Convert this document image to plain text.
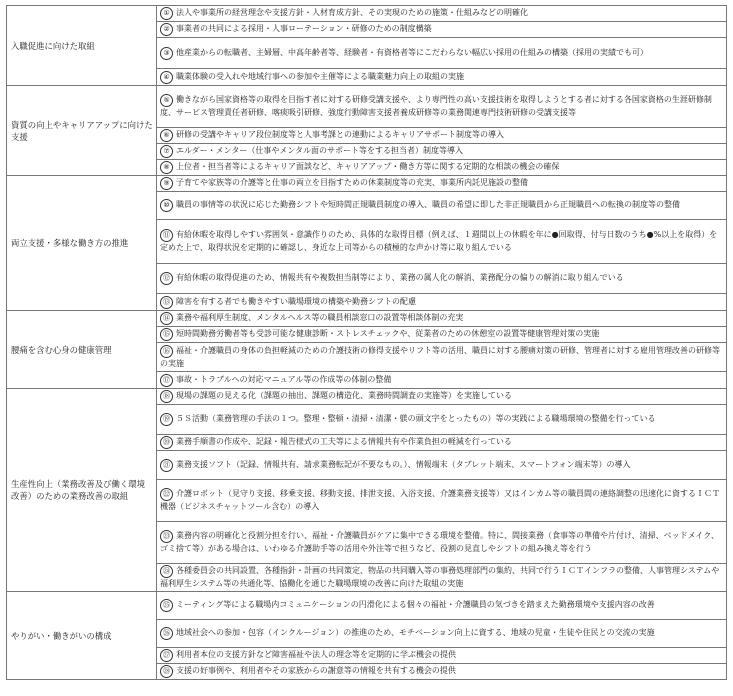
入職促進に向けた取組	① 法人や事業所の経営理念や支援方針・人材育成方針、その実現のための施策・仕組みなどの明確化
	② 事業者の共同による採用・人事ローテーション・研修のための制度構築
	③ 他産業からの転職者、主婦層、中高年齢者等、経験者・有資格者等にこだわらない幅広い採用の仕組みの構築（採用の実績でも可）
	④ 職業体験の受入れや地域行事への参加や主催等による職業魅力向上の取組の実施
資質の向上やキャリアアップに向けた支援	⑤ 働きながら国家資格等の取得を目指す者に対する研修受講支援や、より専門性の高い支援技術を取得しようとする者に対する各国家資格の生涯研修制度、サービス管理責任者研修、喀痰吸引研修、強度行動障害支援者養成研修等の業務関連専門技術研修の受講支援等
	⑥ 研修の受講やキャリア段位制度等と人事考課との連動によるキャリアサポート制度等の導入
	⑦ エルダー・メンター（仕事やメンタル面のサポート等をする担当者）制度等導入
	⑧ 上位者・担当者等によるキャリア面談など、キャリアアップ・働き方等に関する定期的な相談の機会の確保
両立支援・多様な働き方の推進	⑨ 子育てや家族等の介護等と仕事の両立を目指すための休業制度等の充実、事業所内託児施設の整備
	⑩ 職員の事情等の状況に応じた勤務シフトや短時間正規職員制度の導入、職員の希望に即した非正規職員から正規職員への転換の制度等の整備
	⑪ 有給休暇を取得しやすい雰囲気・意識作りのため、具体的な取得目標（例えば、１週間以上の休暇を年に●回取得、付与日数のうち●%以上を取得）を定めた上で、取得状況を定期的に確認し、身近な上司等からの積極的な声かけ等に取り組んでいる
	⑫ 有給休暇の取得促進のため、情報共有や複数担当制等により、業務の属人化の解消、業務配分の偏りの解消に取り組んでいる
	⑬ 障害を有する者でも働きやすい職場環境の構築や勤務シフトの配慮
腰痛を含む心身の健康管理	⑭ 業務や福利厚生制度、メンタルヘルス等の職員相談窓口の設置等相談体制の充実
	⑮ 短時間勤務労働者等も受診可能な健康診断・ストレスチェックや、従業者のための休憩室の設置等健康管理対策の実施
	⑯ 福祉・介護職員の身体の負担軽減のための介護技術の修得支援やリフト等の活用、職員に対する腰痛対策の研修、管理者に対する雇用管理改善の研修等の実施
	⑰ 事故・トラブルへの対応マニュアル等の作成等の体制の整備
生産性向上（業務改善及び働く環境改善）のための業務改善の取組	⑱ 現場の課題の見える化（課題の抽出、課題の構造化、業務時間調査の実施等）を実施している
	⑲ ５Ｓ活動（業務管理の手法の１つ。整理・整頓・清掃・清潔・躾の頭文字をとったもの）等の実践による職場環境の整備を行っている
	⑳ 業務手順書の作成や、記録・報告様式の工夫等による情報共有や作業負担の軽減を行っている
	㉑ 業務支援ソフト（記録、情報共有、請求業務転記が不要なもの。）、情報端末（タブレット端末、スマートフォン端末等）の導入
	㉒ 介護ロボット（見守り支援、移乗支援、移動支援、排泄支援、入浴支援、介護業務支援等）又はインカム等の職員間の連絡調整の迅速化に資するＩＣＴ機器（ビジネスチャットツール含む）の導入
	㉓ 業務内容の明確化と役割分担を行い、福祉・介護職員がケアに集中できる環境を整備。特に、間接業務（食事等の準備や片付け、清掃、ベッドメイク、ゴミ捨て等）がある場合は、いわゆる介護助手等の活用や外注等で担うなど、役割の見直しやシフトの組み換え等を行う
	㉔ 各種委員会の共同設置、各種指針・計画の共同策定、物品の共同購入等の事務処理部門の集約、共同で行うＩＣＴインフラの整備、人事管理システムや福利厚生システム等の共通化等、協働化を通じた職場環境の改善に向けた取組の実施
やりがい・働きがいの構成	㉕ ミーティング等による職場内コミュニケーションの円滑化による個々の福祉・介護職員の気づきを踏まえた勤務環境や支援内容の改善
	㉖ 地域社会への参加・包容（インクルージョン）の推進のため、モチベーション向上に資する、地域の児童・生徒や住民との交流の実施
	㉗ 利用者本位の支援方針など障害福祉や法人の理念等を定期的に学ぶ機会の提供
	㉘ 支援の好事例や、利用者やその家族からの謝意等の情報を共有する機会の提供
